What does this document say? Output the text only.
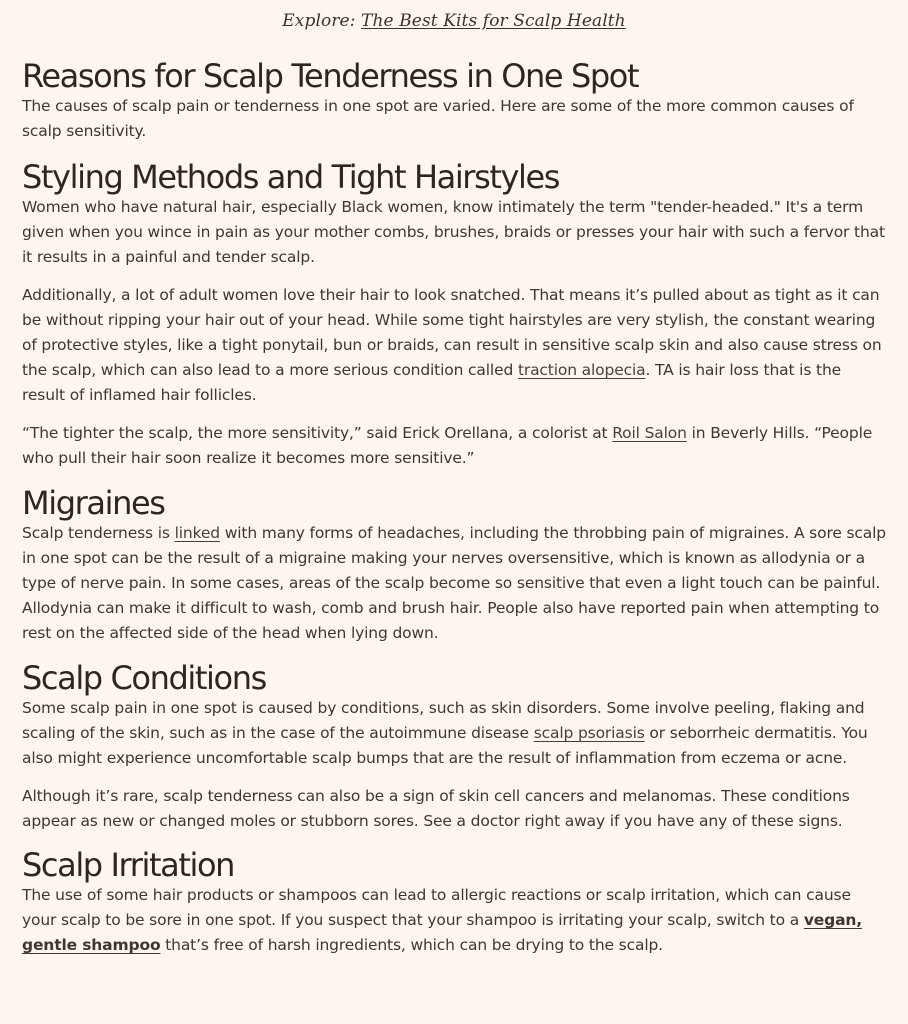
Explore: The Best Kits for Scalp Health
Reasons for Scalp Tenderness in One Spot

The causes of scalp pain or tenderness in one spot are varied. Here are some of the more common causes of scalp sensitivity.

Styling Methods and Tight Hairstyles

Women who have natural hair, especially Black women, know intimately the term "tender-headed." It's a term given when you wince in pain as your mother combs, brushes, braids or presses your hair with such a fervor that it results in a painful and tender scalp.

Additionally, a lot of adult women love their hair to look snatched. That means it’s pulled about as tight as it can be without ripping your hair out of your head. While some tight hairstyles are very stylish, the constant wearing of protective styles, like a tight ponytail, bun or braids, can result in sensitive scalp skin and also cause stress on the scalp, which can also lead to a more serious condition called traction alopecia. TA is hair loss that is the result of inflamed hair follicles.

“The tighter the scalp, the more sensitivity,” said Erick Orellana, a colorist at Roil Salon in Beverly Hills. “People who pull their hair soon realize it becomes more sensitive.”

Migraines

Scalp tenderness is linked with many forms of headaches, including the throbbing pain of migraines. A sore scalp in one spot can be the result of a migraine making your nerves oversensitive, which is known as allodynia or a type of nerve pain. In some cases, areas of the scalp become so sensitive that even a light touch can be painful. Allodynia can make it difficult to wash, comb and brush hair. People also have reported pain when attempting to rest on the affected side of the head when lying down.

Scalp Conditions

Some scalp pain in one spot is caused by conditions, such as skin disorders. Some involve peeling, flaking and scaling of the skin, such as in the case of the autoimmune disease scalp psoriasis or seborrheic dermatitis. You also might experience uncomfortable scalp bumps that are the result of inflammation from eczema or acne.

Although it’s rare, scalp tenderness can also be a sign of skin cell cancers and melanomas. These conditions appear as new or changed moles or stubborn sores. See a doctor right away if you have any of these signs.

Scalp Irritation

The use of some hair products or shampoos can lead to allergic reactions or scalp irritation, which can cause your scalp to be sore in one spot. If you suspect that your shampoo is irritating your scalp, switch to a vegan, gentle shampoo that’s free of harsh ingredients, which can be drying to the scalp.
